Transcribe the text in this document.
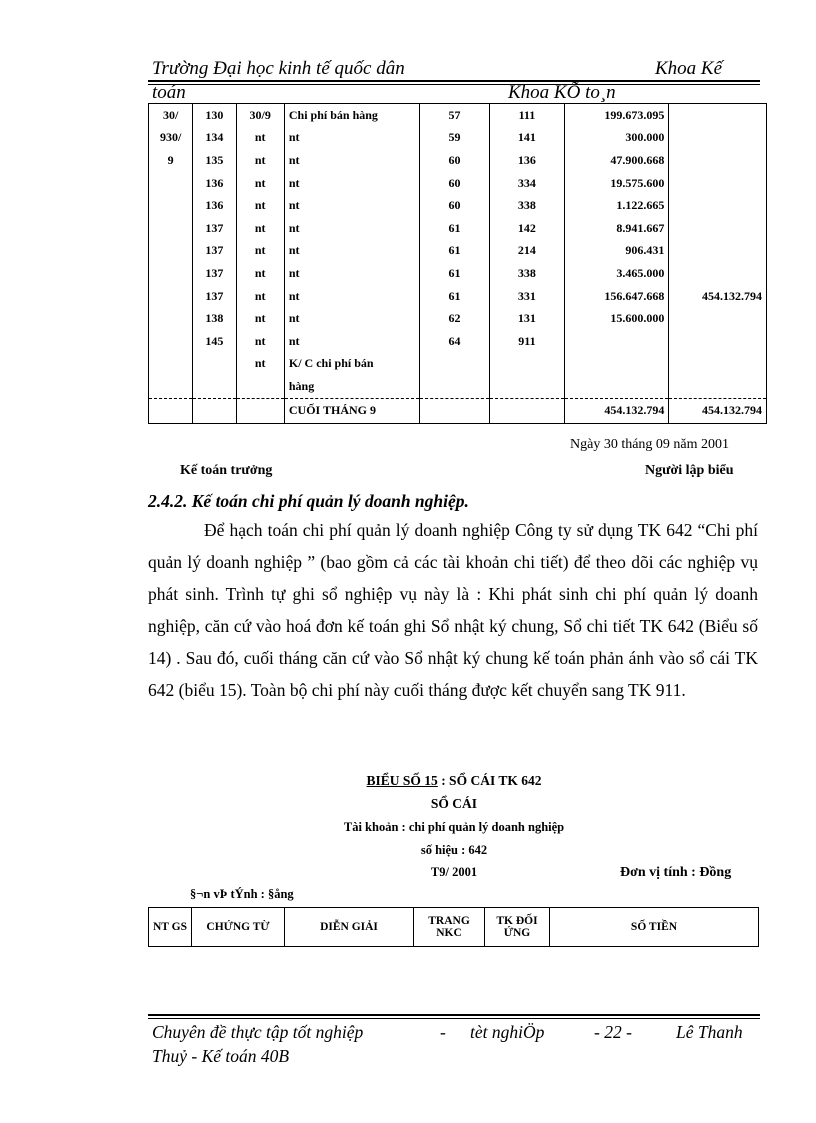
Trường Đại học kinh tế quốc dân	Khoa Kế
toán	Khoa KÕ to¸n
30/	130	30/9	Chi phí bán hàng	57	111	199.673.095	
930/	134	nt	nt	59	141	300.000	
9	135	nt	nt	60	136	47.900.668	
	136	nt	nt	60	334	19.575.600	
	136	nt	nt	60	338	1.122.665	
	137	nt	nt	61	142	8.941.667	
	137	nt	nt	61	214	906.431	
	137	nt	nt	61	338	3.465.000	
	137	nt	nt	61	331	156.647.668	454.132.794
	138	nt	nt	62	131	15.600.000	
	145	nt	nt	64	911		
		nt	K/ C chi phí bán				
			hàng				
			CUỐI THÁNG 9			454.132.794	454.132.794
Ngày 30 tháng 09 năm 2001
Kế toán trưởng	Người lập biểu
2.4.2. Kế toán chi phí quản lý doanh nghiệp.
Để hạch toán chi phí quản lý doanh nghiệp Công ty sử dụng TK 642 “Chi phí quản lý doanh nghiệp ” (bao gồm cả các tài khoản chi tiết) để theo dõi các nghiệp vụ phát sinh. Trình tự ghi sổ nghiệp vụ này là : Khi phát sinh chi phí quản lý doanh nghiệp, căn cứ vào hoá đơn kế toán ghi Sổ nhật ký chung, Sổ chi tiết TK 642 (Biểu số 14) . Sau đó, cuối tháng căn cứ vào Sổ nhật ký chung kế toán phản ánh vào sổ cái TK 642 (biểu 15). Toàn bộ chi phí này cuối tháng được kết chuyển sang TK 911.
BIỂU SỐ 15 : SỔ CÁI TK 642
SỔ CÁI
Tài khoản : chi phí quản lý doanh nghiệp
số hiệu : 642
T9/ 2001	Đơn vị tính : Đồng
§¬n vÞ tÝnh : §ång
NT GS	CHỨNG TỪ	DIỄN GIẢI	TRANG NKC	TK ĐỐI ỨNG	SỐ TIỀN
Chuyên đề thực tập tốt nghiệp	- tèt nghiÖp	- 22 -	Lê Thanh
Thuỷ - Kế toán 40B
